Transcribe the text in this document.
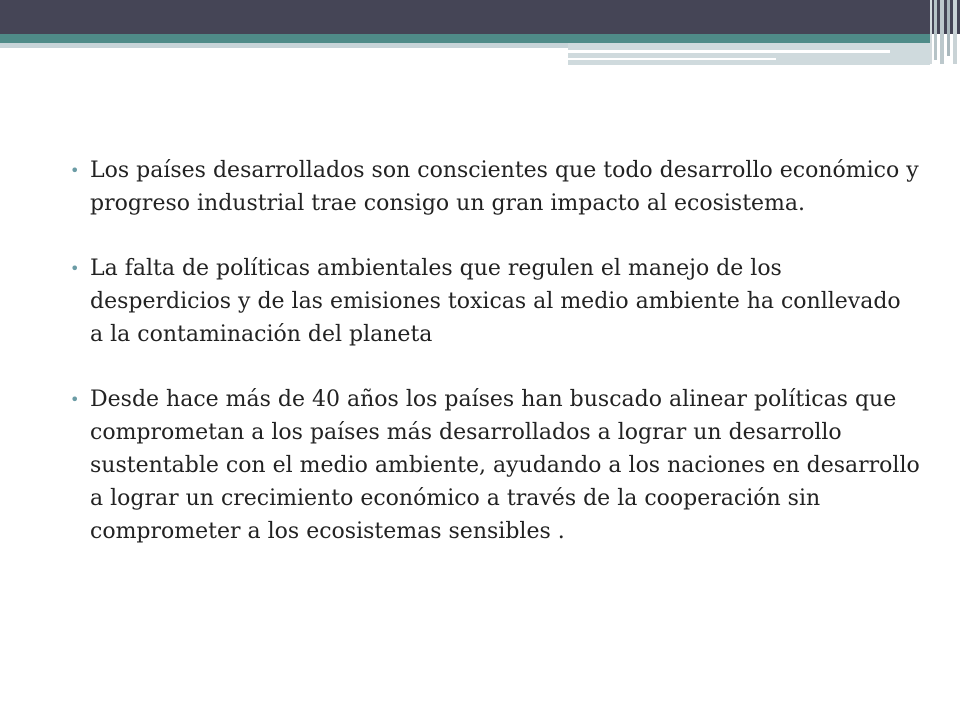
• Los países desarrollados son conscientes que todo desarrollo económico y progreso industrial trae consigo un gran impacto al ecosistema.
• La falta de políticas ambientales que regulen el manejo de los desperdicios y de las emisiones toxicas al medio ambiente ha conllevado a la contaminación del planeta
• Desde hace más de 40 años los países han buscado alinear políticas que comprometan a los países más desarrollados a lograr un desarrollo sustentable con el medio ambiente, ayudando a los naciones en desarrollo a lograr un crecimiento económico a través de la cooperación sin comprometer a los ecosistemas sensibles .
